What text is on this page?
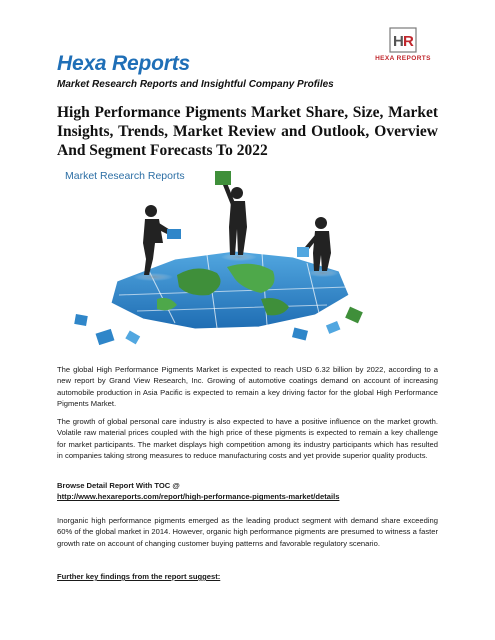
Hexa Reports
Market Research Reports and Insightful Company Profiles
H R
HEXA REPORTS
High Performance Pigments Market Share, Size, Market Insights, Trends, Market Review and Outlook, Overview And Segment Forecasts To 2022
Market Research Reports

The global High Performance Pigments Market is expected to reach USD 6.32 billion by 2022, according to a new report by Grand View Research, Inc. Growing of automotive coatings demand on account of increasing automobile production in Asia Pacific is expected to remain a key driving factor for the global High Performance Pigments Market.

The growth of global personal care industry is also expected to have a positive influence on the market growth. Volatile raw material prices coupled with the high price of these pigments is expected to remain a key challenge for market participants. The market displays high competition among its industry participants which has resulted in companies taking strong measures to reduce manufacturing costs and yet provide superior quality products.

Browse Detail Report With TOC @
http://www.hexareports.com/report/high-performance-pigments-market/details

Inorganic high performance pigments emerged as the leading product segment with demand share exceeding 60% of the global market in 2014. However, organic high performance pigments are presumed to witness a faster growth rate on account of changing customer buying patterns and favorable regulatory scenario.

Further key findings from the report suggest:
